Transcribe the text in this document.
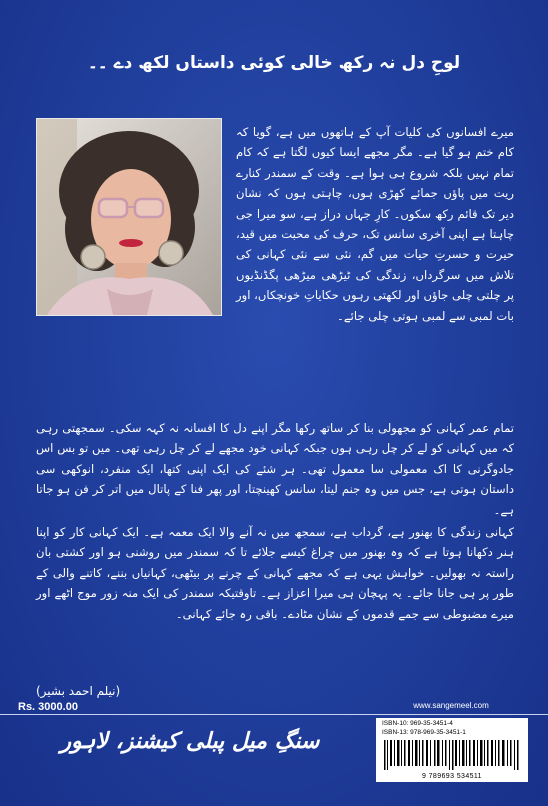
لوحِ دل نہ رکھ خالی کوئی داستاں لکھ دے ۔۔
میرے افسانوں کی کلیات آپ کے ہاتھوں میں ہے، گویا کہ کام ختم ہو گیا ہے۔ مگر مجھے ایسا کیوں لگتا ہے کہ کام تمام نہیں بلکہ شروع ہی ہوا ہے۔ وقت کے سمندر کنارے ریت میں پاؤں جمائے کھڑی ہوں، چاہتی ہوں کہ نشان دیر تک قائم رکھ سکوں۔ کارِ جہاں دراز ہے، سو میرا جی چاہتا ہے اپنی آخری سانس تک، حرف کی محبت میں قید، حیرت و حسرتِ حیات میں گم، نئی سے نئی کہانی کی تلاش میں سرگرداں، زندگی کی ٹیڑھی میڑھی پگڈنڈیوں پر چلتی چلی جاؤں اور لکھتی رہوں حکایاتِ خونچکاں، اور بات لمبی سے لمبی ہوتی چلی جائے۔
تمام عمر کہانی کو مجھولی بنا کر ساتھ رکھا مگر اپنے دل کا افسانہ نہ کہہ سکی۔ سمجھتی رہی کہ میں کہانی کو لے کر چل رہی ہوں جبکہ کہانی خود مجھے لے کر چل رہی تھی۔ میں تو بس اس جادوگرنی کا اک معمولی سا معمول تھی۔ ہر شئے کی ایک اپنی کتھا، ایک منفرد، انوکھی سی داستان ہوتی ہے، جس میں وہ جنم لیتا، سانس کھینچتا، اور پھر فنا کے پاتال میں اتر کر فن ہو جاتا ہے۔
کہانی زندگی کا بھنور ہے، گرداب ہے، سمجھ میں نہ آنے والا ایک معمہ ہے۔ ایک کہانی کار کو اپنا ہنر دکھانا ہوتا ہے کہ وہ بھنور میں چراغ کیسے جلائے تا کہ سمندر میں روشنی ہو اور کشتی بان راستہ نہ بھولیں۔ خواہش یہی ہے کہ مجھے کہانی کے چرنے پر بیٹھی، کہانیاں بننے، کاتنے والی کے طور پر ہی جانا جائے۔ یہ پہچان ہی میرا اعزاز ہے۔ تاوقتیکہ سمندر کی ایک منہ زور موج اٹھے اور میرے مضبوطی سے جمے قدموں کے نشان مٹادے۔ باقی رہ جائے کہانی۔
(نیلم احمد بشیر)
Rs. 3000.00	www.sangemeel.com
ISBN-10: 969-35-3451-4
ISBN-13: 978-969-35-3451-1
9 789693 534511
سنگِ میل پبلی کیشنز، لاہور
